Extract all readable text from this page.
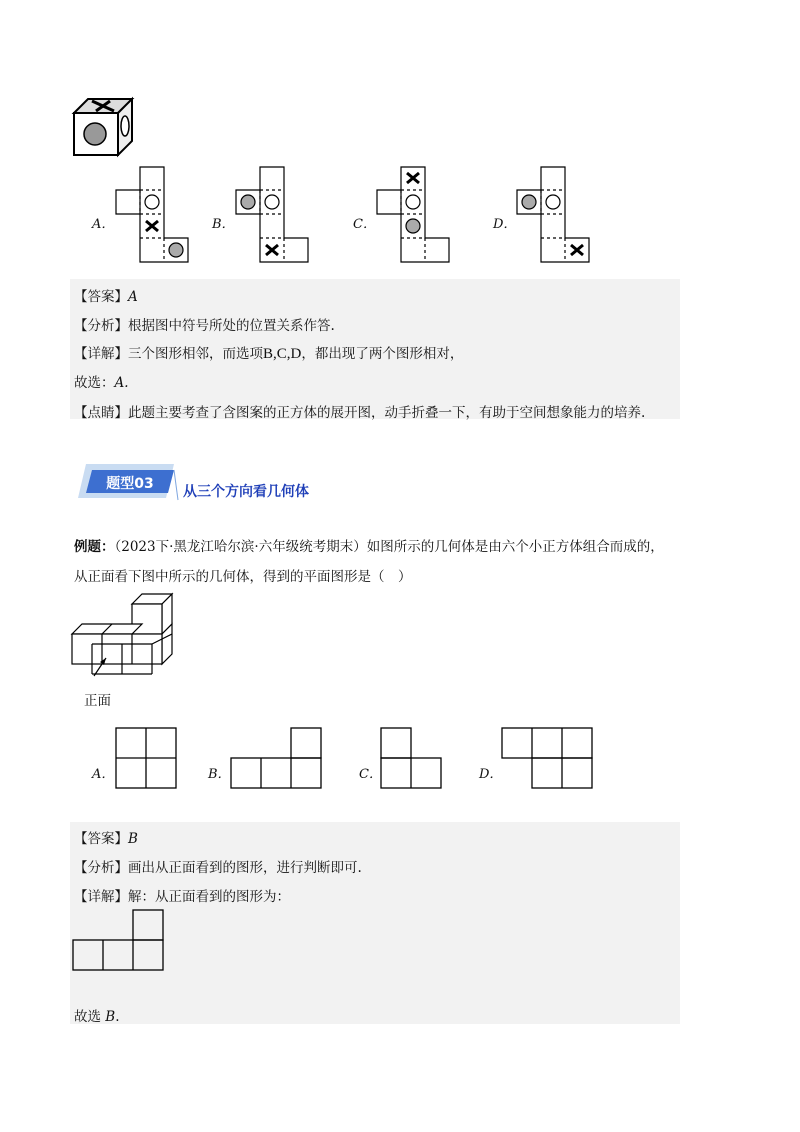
A．	B．	C．	D．
【答案】A
【分析】根据图中符号所处的位置关系作答.
【详解】三个图形相邻，而选项B,C,D，都出现了两个图形相对，
故选：A.
【点睛】此题主要考查了含图案的正方体的展开图，动手折叠一下，有助于空间想象能力的培养.
题型03	从三个方向看几何体
例题：（2023下·黑龙江哈尔滨·六年级统考期末）如图所示的几何体是由六个小正方体组合而成的，
从正面看下图中所示的几何体，得到的平面图形是（　）
正面
A．	B．	C．	D．
【答案】B
【分析】画出从正面看到的图形，进行判断即可.
【详解】解：从正面看到的图形为：
故选 B.
